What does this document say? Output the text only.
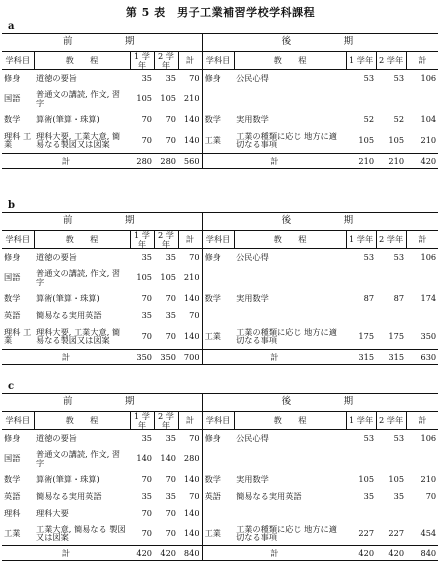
第 5 表　男子工業補習学校学科課程
a
前　　　期					後　　　期				
学科目	教　　程	1 学年	2 学年	計	学科目	教　　程	1 学年	2 学年	計
修身	道徳の要旨	35	35	70	修身	公民心得	53	53	106
国語	普通文の講読, 作文, 習字	105	105	210					
数学	算術(筆算・珠算)	70	70	140	数学	実用数学	52	52	104
理科 工業	理科大要, 工業大意, 簡易なる製図又は図案	70	70	140	工業	工業の種類に応じ 地方に適切なる事項	105	105	210
計		280	280	560	計		210	210	420
b
前　　　期					後　　　期				
学科目	教　　程	1 学年	2 学年	計	学科目	教　　程	1 学年	2 学年	計
修身	道徳の要旨	35	35	70	修身	公民心得	53	53	106
国語	普通文の講読, 作文, 習字	105	105	210					
数学	算術(筆算・珠算)	70	70	140	数学	実用数学	87	87	174
英語	簡易なる実用英語	35	35	70					
理科 工業	理科大要, 工業大意, 簡易なる製図又は図案	70	70	140	工業	工業の種類に応じ 地方に適切なる事項	175	175	350
計		350	350	700	計		315	315	630
c
前　　　期					後　　　期				
学科目	教　　程	1 学年	2 学年	計	学科目	教　　程	1 学年	2 学年	計
修身	道徳の要旨	35	35	70	修身	公民心得	53	53	106
国語	普通文の講読, 作文, 習字	140	140	280					
数学	算術(筆算・珠算)	70	70	140	数学	実用数学	105	105	210
英語	簡易なる実用英語	35	35	70	英語	簡易なる実用英語	35	35	70
理科	理科大要	70	70	140					
工業	工業大意, 簡易なる 製図又は図案	70	70	140	工業	工業の種類に応じ 地方に適切なる事項	227	227	454
計		420	420	840	計		420	420	840
